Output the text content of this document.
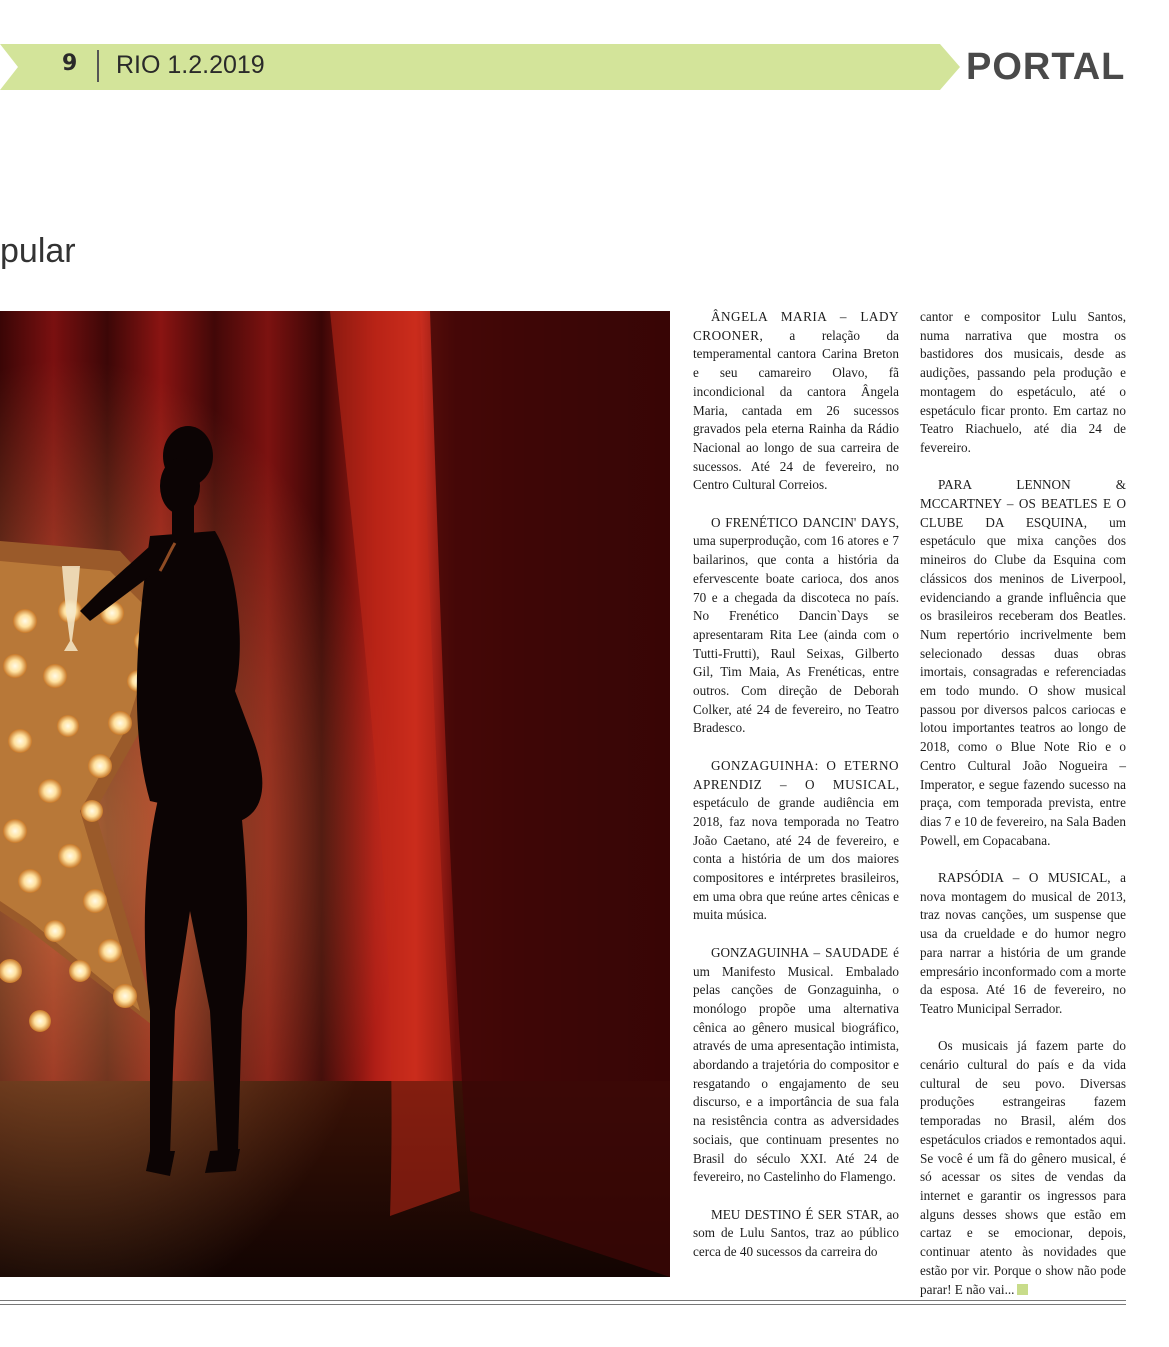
9 RIO 1.2.2019	PORTAL
pular

ÂNGELA MARIA – LADY CROONER, a relação da temperamental cantora Carina Breton e seu camareiro Olavo, fã incondicional da cantora Ângela Maria, cantada em 26 sucessos gravados pela eterna Rainha da Rádio Nacional ao longo de sua carreira de sucessos. Até 24 de fevereiro, no Centro Cultural Correios.

O FRENÉTICO DANCIN' DAYS, uma superprodução, com 16 atores e 7 bailarinos, que conta a história da efervescente boate carioca, dos anos 70 e a chegada da discoteca no país. No Frenético Dancin`Days se apresentaram Rita Lee (ainda com o Tutti-Frutti), Raul Seixas, Gilberto Gil, Tim Maia, As Frenéticas, entre outros. Com direção de Deborah Colker, até 24 de fevereiro, no Teatro Bradesco.

GONZAGUINHA: O ETERNO APRENDIZ – O MUSICAL, espetáculo de grande audiência em 2018, faz nova temporada no Teatro João Caetano, até 24 de fevereiro, e conta a história de um dos maiores compositores e intérpretes brasileiros, em uma obra que reúne artes cênicas e muita música.

GONZAGUINHA – SAUDADE é um Manifesto Musical. Embalado pelas canções de Gonzaguinha, o monólogo propõe uma alternativa cênica ao gênero musical biográfico, através de uma apresentação intimista, abordando a trajetória do compositor e resgatando o engajamento de seu discurso, e a importância de sua fala na resistência contra as adversidades sociais, que continuam presentes no Brasil do século XXI. Até 24 de fevereiro, no Castelinho do Flamengo.

MEU DESTINO É SER STAR, ao som de Lulu Santos, traz ao público cerca de 40 sucessos da carreira do

cantor e compositor Lulu Santos, numa narrativa que mostra os bastidores dos musicais, desde as audições, passando pela produção e montagem do espetáculo, até o espetáculo ficar pronto. Em cartaz no Teatro Riachuelo, até dia 24 de fevereiro.

PARA LENNON & MCCARTNEY – OS BEATLES E O CLUBE DA ESQUINA, um espetáculo que mixa canções dos mineiros do Clube da Esquina com clássicos dos meninos de Liverpool, evidenciando a grande influência que os brasileiros receberam dos Beatles. Num repertório incrivelmente bem selecionado dessas duas obras imortais, consagradas e referenciadas em todo mundo. O show musical passou por diversos palcos cariocas e lotou importantes teatros ao longo de 2018, como o Blue Note Rio e o Centro Cultural João Nogueira – Imperator, e segue fazendo sucesso na praça, com temporada prevista, entre dias 7 e 10 de fevereiro, na Sala Baden Powell, em Copacabana.

RAPSÓDIA – O MUSICAL, a nova montagem do musical de 2013, traz novas canções, um suspense que usa da crueldade e do humor negro para narrar a história de um grande empresário inconformado com a morte da esposa. Até 16 de fevereiro, no Teatro Municipal Serrador.

Os musicais já fazem parte do cenário cultural do país e da vida cultural de seu povo. Diversas produções estrangeiras fazem temporadas no Brasil, além dos espetáculos criados e remontados aqui. Se você é um fã do gênero musical, é só acessar os sites de vendas da internet e garantir os ingressos para alguns desses shows que estão em cartaz e se emocionar, depois, continuar atento às novidades que estão por vir. Porque o show não pode parar! E não vai...
